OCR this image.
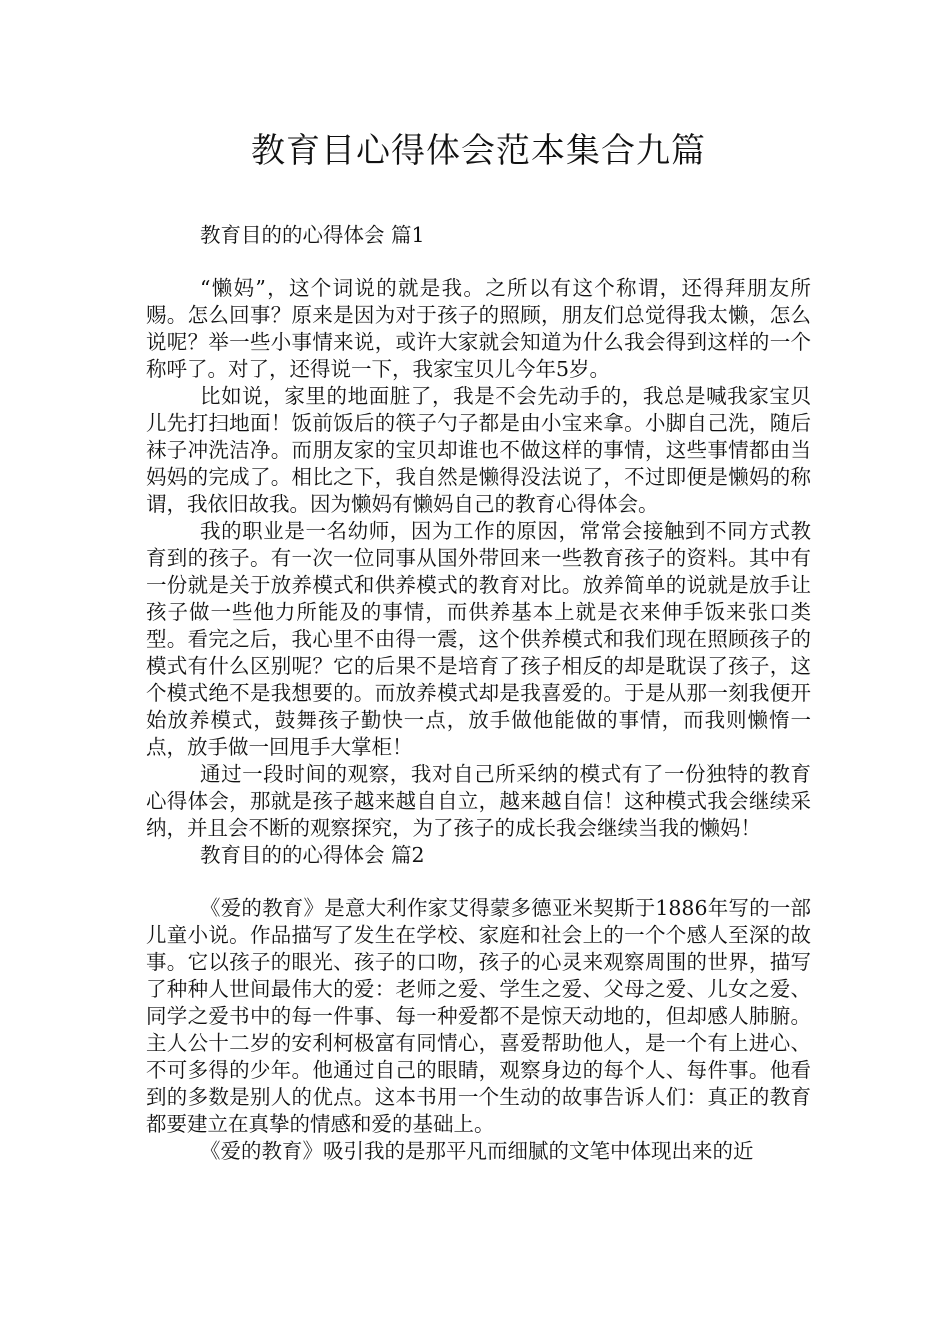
教育目心得体会范本集合九篇
教育目的的心得体会 篇1

“懒妈”，这个词说的就是我。之所以有这个称谓，还得拜朋友所赐。怎么回事？原来是因为对于孩子的照顾，朋友们总觉得我太懒，怎么说呢？举一些小事情来说，或许大家就会知道为什么我会得到这样的一个称呼了。对了，还得说一下，我家宝贝儿今年5岁。

比如说，家里的地面脏了，我是不会先动手的，我总是喊我家宝贝儿先打扫地面！饭前饭后的筷子勺子都是由小宝来拿。小脚自己洗，随后袜子冲洗洁净。而朋友家的宝贝却谁也不做这样的事情，这些事情都由当妈妈的完成了。相比之下，我自然是懒得没法说了，不过即便是懒妈的称谓，我依旧故我。因为懒妈有懒妈自己的教育心得体会。

我的职业是一名幼师，因为工作的原因，常常会接触到不同方式教育到的孩子。有一次一位同事从国外带回来一些教育孩子的资料。其中有一份就是关于放养模式和供养模式的教育对比。放养简单的说就是放手让孩子做一些他力所能及的事情，而供养基本上就是衣来伸手饭来张口类型。看完之后，我心里不由得一震，这个供养模式和我们现在照顾孩子的模式有什么区别呢？它的后果不是培育了孩子相反的却是耽误了孩子，这个模式绝不是我想要的。而放养模式却是我喜爱的。于是从那一刻我便开始放养模式，鼓舞孩子勤快一点，放手做他能做的事情，而我则懒惰一点，放手做一回甩手大掌柜！

通过一段时间的观察，我对自己所采纳的模式有了一份独特的教育心得体会，那就是孩子越来越自自立，越来越自信！这种模式我会继续采纳，并且会不断的观察探究，为了孩子的成长我会继续当我的懒妈！

教育目的的心得体会 篇2

《爱的教育》是意大利作家艾得蒙多德亚米契斯于1886年写的一部儿童小说。作品描写了发生在学校、家庭和社会上的一个个感人至深的故事。它以孩子的眼光、孩子的口吻，孩子的心灵来观察周围的世界，描写了种种人世间最伟大的爱：老师之爱、学生之爱、父母之爱、儿女之爱、同学之爱书中的每一件事、每一种爱都不是惊天动地的，但却感人肺腑。主人公十二岁的安利柯极富有同情心，喜爱帮助他人，是一个有上进心、不可多得的少年。他通过自己的眼睛，观察身边的每个人、每件事。他看到的多数是别人的优点。这本书用一个生动的故事告诉人们：真正的教育都要建立在真挚的情感和爱的基础上。

《爱的教育》吸引我的是那平凡而细腻的文笔中体现出来的近
